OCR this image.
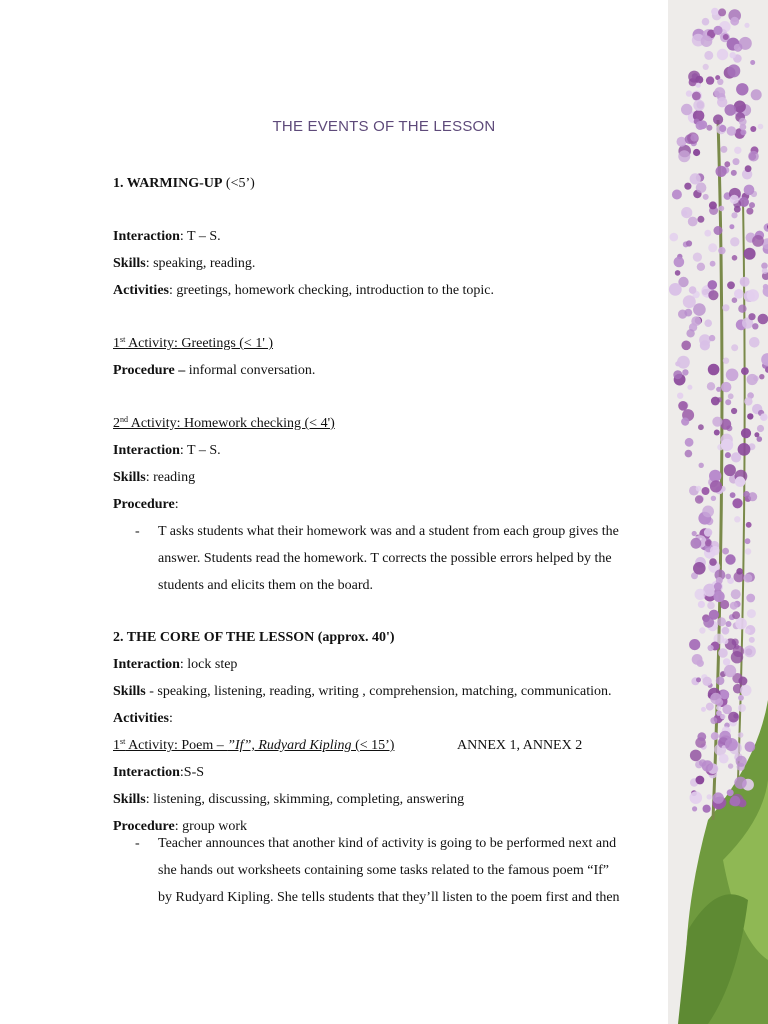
THE EVENTS OF THE LESSON
1. WARMING-UP (<5’)
Interaction: T – S.
Skills: speaking, reading.
Activities: greetings, homework checking, introduction to the topic.
1st Activity: Greetings (< 1' )
Procedure – informal conversation.
2nd Activity: Homework checking (< 4')
Interaction: T – S.
Skills: reading
Procedure:
- T asks students what their homework was and a student from each group gives the
answer. Students read the homework. T corrects the possible errors helped by the
students and elicits them on the board.
2. THE CORE OF THE LESSON (approx. 40')
Interaction: lock step
Skills - speaking, listening, reading, writing , comprehension, matching, communication.
Activities:
1st Activity: Poem – ”If”, Rudyard Kipling (< 15’)	ANNEX 1, ANNEX 2
Interaction:S-S
Skills: listening, discussing, skimming, completing, answering
Procedure: group work
- Teacher announces that another kind of activity is going to be performed next and
she hands out worksheets containing some tasks related to the famous poem “If”
by Rudyard Kipling. She tells students that they’ll listen to the poem first and then
